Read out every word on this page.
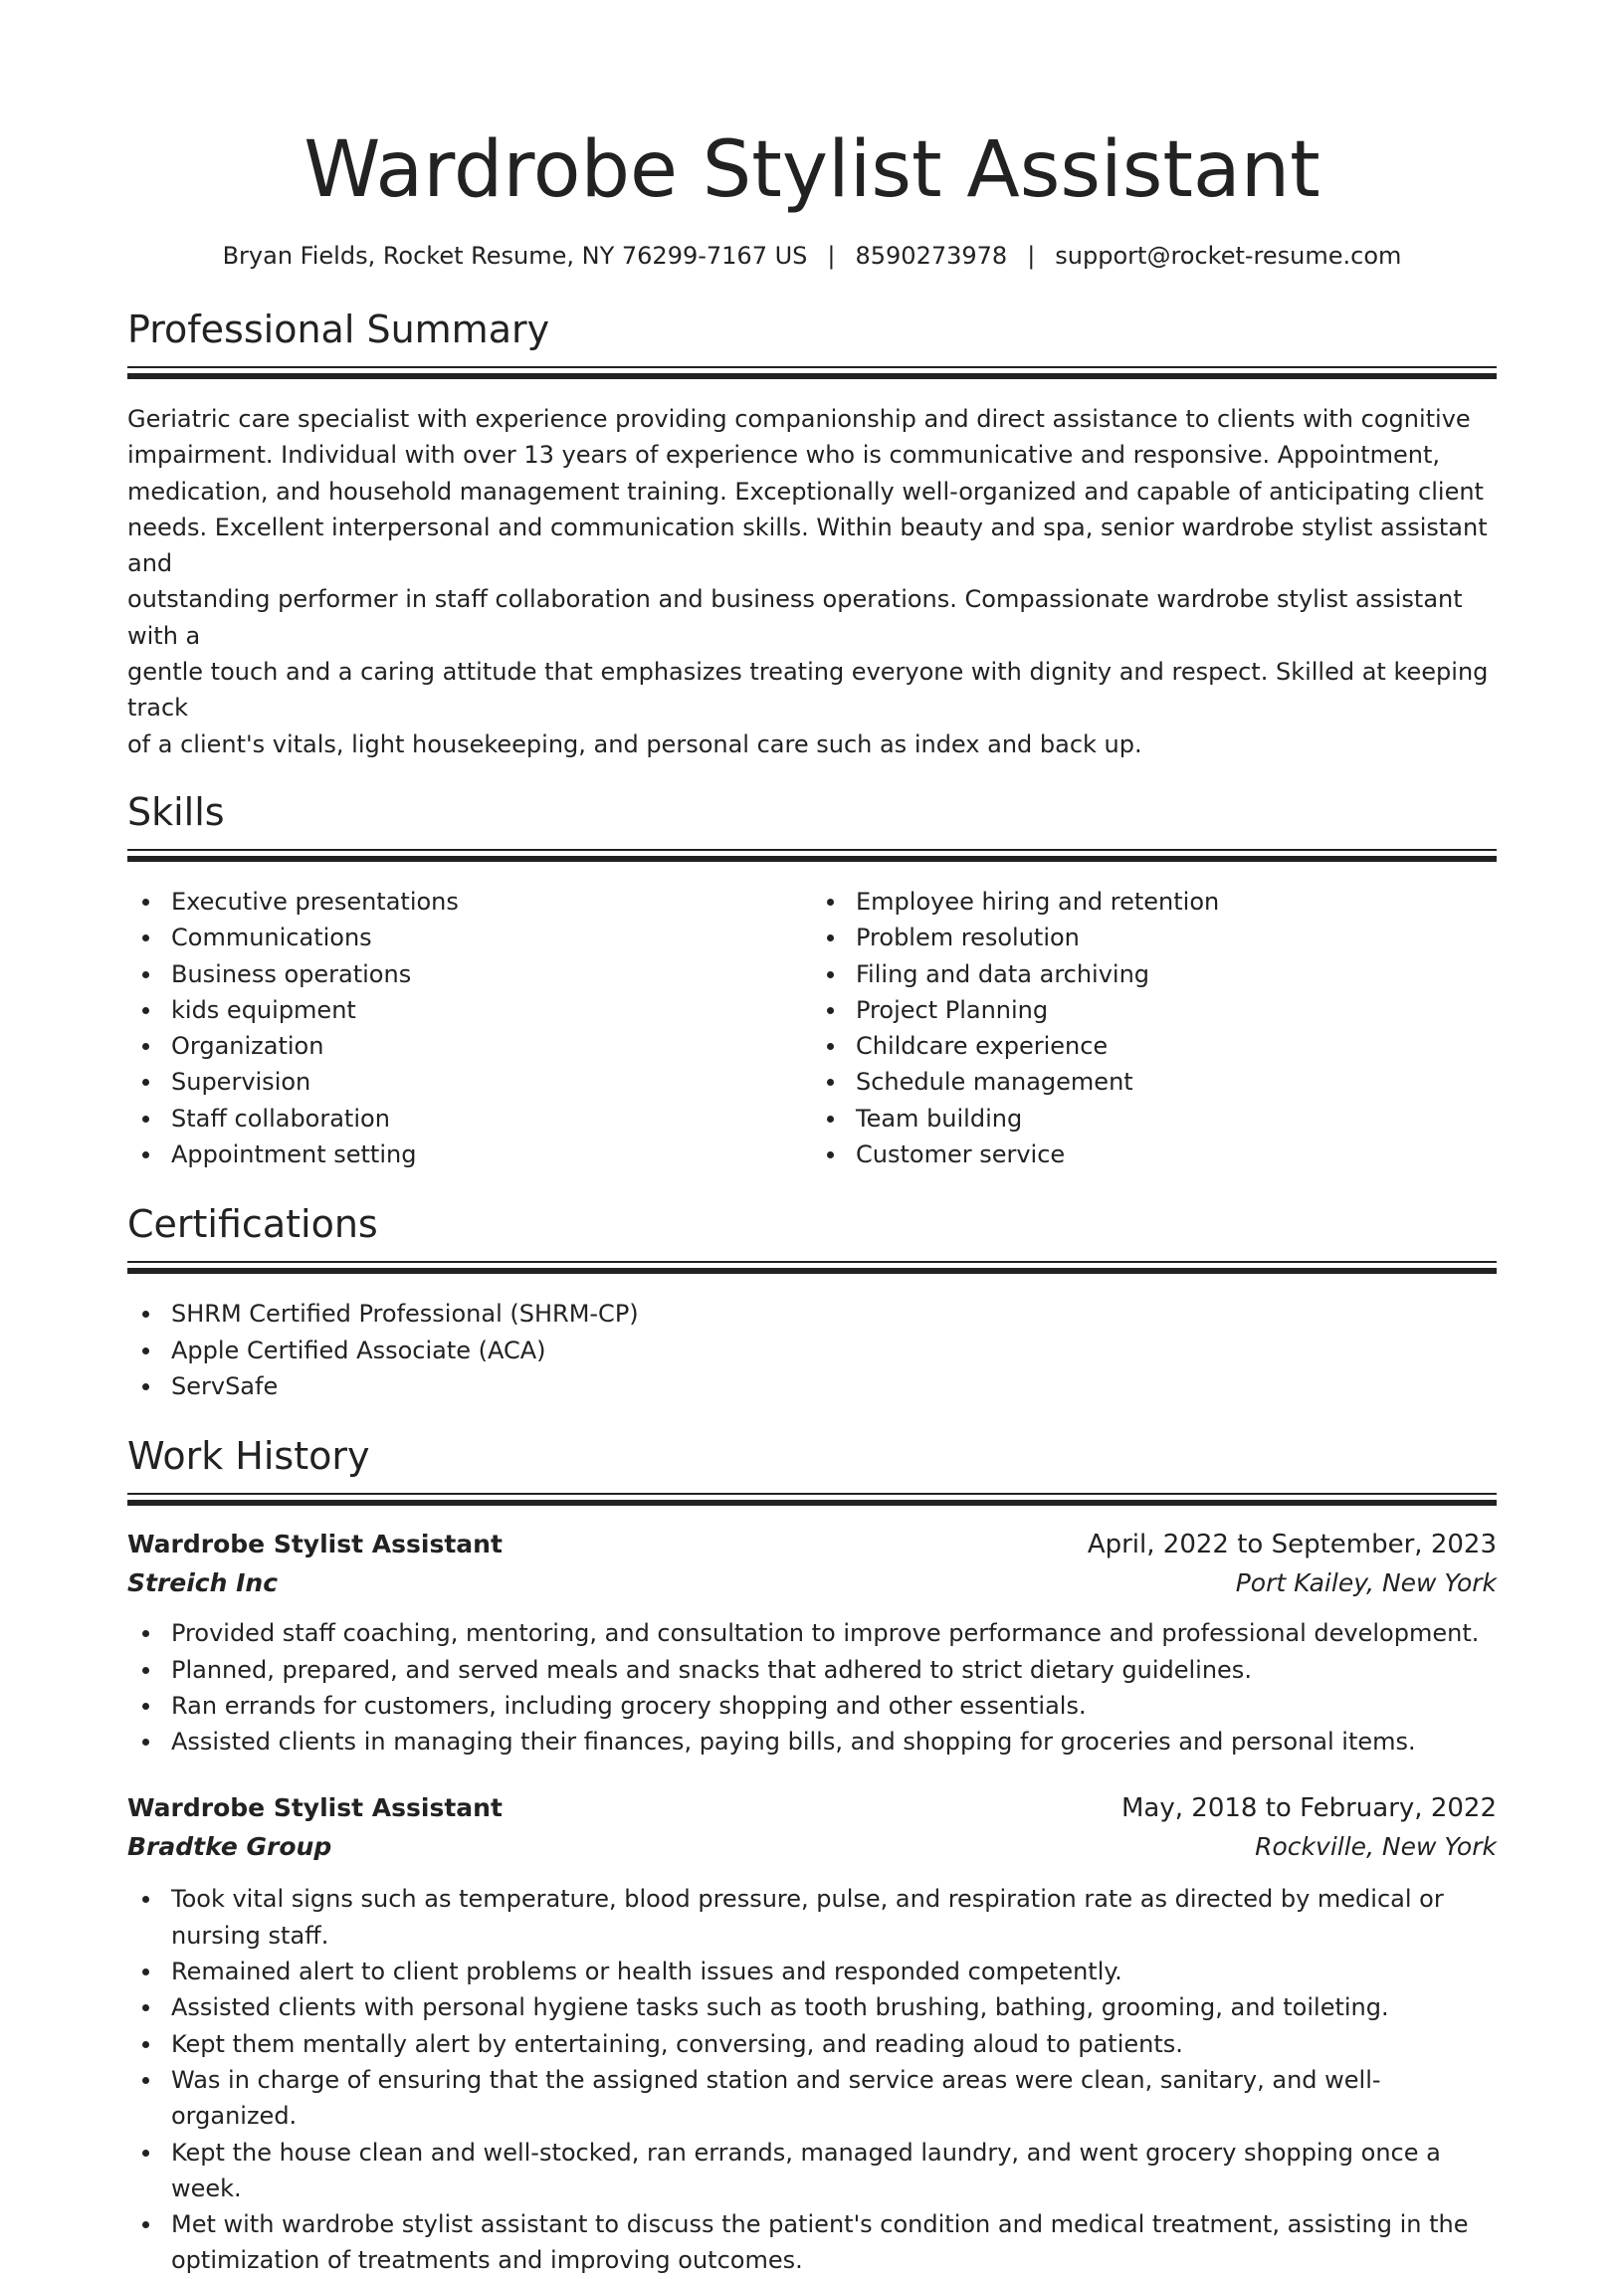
Wardrobe Stylist Assistant
Bryan Fields, Rocket Resume, NY 76299-7167 US | 8590273978 | support@rocket-resume.com
Professional Summary
Geriatric care specialist with experience providing companionship and direct assistance to clients with cognitive
impairment. Individual with over 13 years of experience who is communicative and responsive. Appointment,
medication, and household management training. Exceptionally well-organized and capable of anticipating client
needs. Excellent interpersonal and communication skills. Within beauty and spa, senior wardrobe stylist assistant and
outstanding performer in staff collaboration and business operations. Compassionate wardrobe stylist assistant with a
gentle touch and a caring attitude that emphasizes treating everyone with dignity and respect. Skilled at keeping track
of a client's vitals, light housekeeping, and personal care such as index and back up.
Skills
Executive presentations
Communications
Business operations
kids equipment
Organization
Supervision
Staff collaboration
Appointment setting
Employee hiring and retention
Problem resolution
Filing and data archiving
Project Planning
Childcare experience
Schedule management
Team building
Customer service
Certifications
SHRM Certified Professional (SHRM-CP)
Apple Certified Associate (ACA)
ServSafe
Work History
Wardrobe Stylist Assistant	April, 2022 to September, 2023
Streich Inc	Port Kailey, New York
Provided staff coaching, mentoring, and consultation to improve performance and professional development.
Planned, prepared, and served meals and snacks that adhered to strict dietary guidelines.
Ran errands for customers, including grocery shopping and other essentials.
Assisted clients in managing their finances, paying bills, and shopping for groceries and personal items.
Wardrobe Stylist Assistant	May, 2018 to February, 2022
Bradtke Group	Rockville, New York
Took vital signs such as temperature, blood pressure, pulse, and respiration rate as directed by medical or nursing staff.
Remained alert to client problems or health issues and responded competently.
Assisted clients with personal hygiene tasks such as tooth brushing, bathing, grooming, and toileting.
Kept them mentally alert by entertaining, conversing, and reading aloud to patients.
Was in charge of ensuring that the assigned station and service areas were clean, sanitary, and well-organized.
Kept the house clean and well-stocked, ran errands, managed laundry, and went grocery shopping once a week.
Met with wardrobe stylist assistant to discuss the patient's condition and medical treatment, assisting in the optimization of treatments and improving outcomes.
